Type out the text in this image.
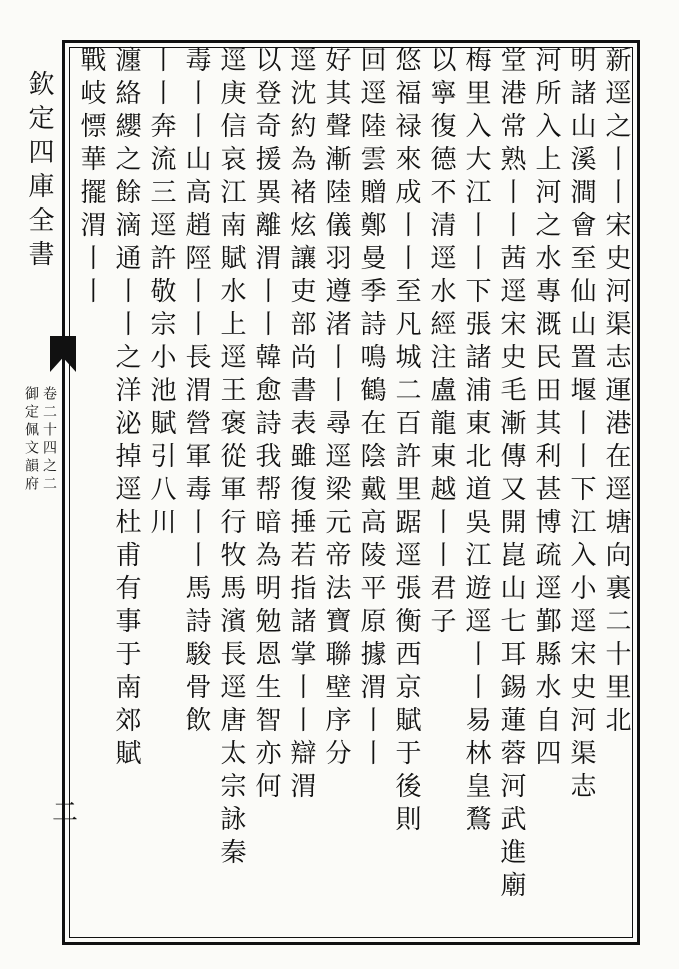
欽定四庫全書
御定佩文韻府 卷二十四之二
二
新逕之丨丨宋史河渠志運港在逕塘向裏二十里北
明諸山溪澗會至仙山置堰丨丨下江入小逕宋史河渠志
河所入上河之水專溉民田其利甚博疏逕鄞縣水自四
堂港常熟丨丨茜逕宋史毛漸傳又開崑山七耳錫蓮蓉河武進廟
梅里入大江丨丨下張諸浦東北道吳江遊逕丨丨易林皇鶩
以寧復德不清逕水經注盧龍東越丨丨君子
悠福禄來成丨丨至凡城二百許里踞逕張衡西京賦于後則
回逕陸雲贈鄭曼季詩鳴鶴在陰戴高陵平原據渭丨丨
好其聲漸陸儀羽遵渚丨丨尋逕梁元帝法寶聯壁序分
逕沈約為褚炫讓吏部尚書表雖復捶若指諸掌丨丨辯渭
以登奇援異離渭丨丨韓愈詩我帮暗為明勉恩生智亦何
逕庚信哀江南賦水上逕王褒從軍行牧馬濱長逕唐太宗詠秦
毒丨丨山高趙陘丨丨長渭營軍毒丨丨馬詩駿骨飲
丨丨奔流三逕許敬宗小池賦引八川
瀍絡纓之餘滴通丨丨之洋泌掉逕杜甫有事于南郊賦
戰岐慓華擺渭丨丨
